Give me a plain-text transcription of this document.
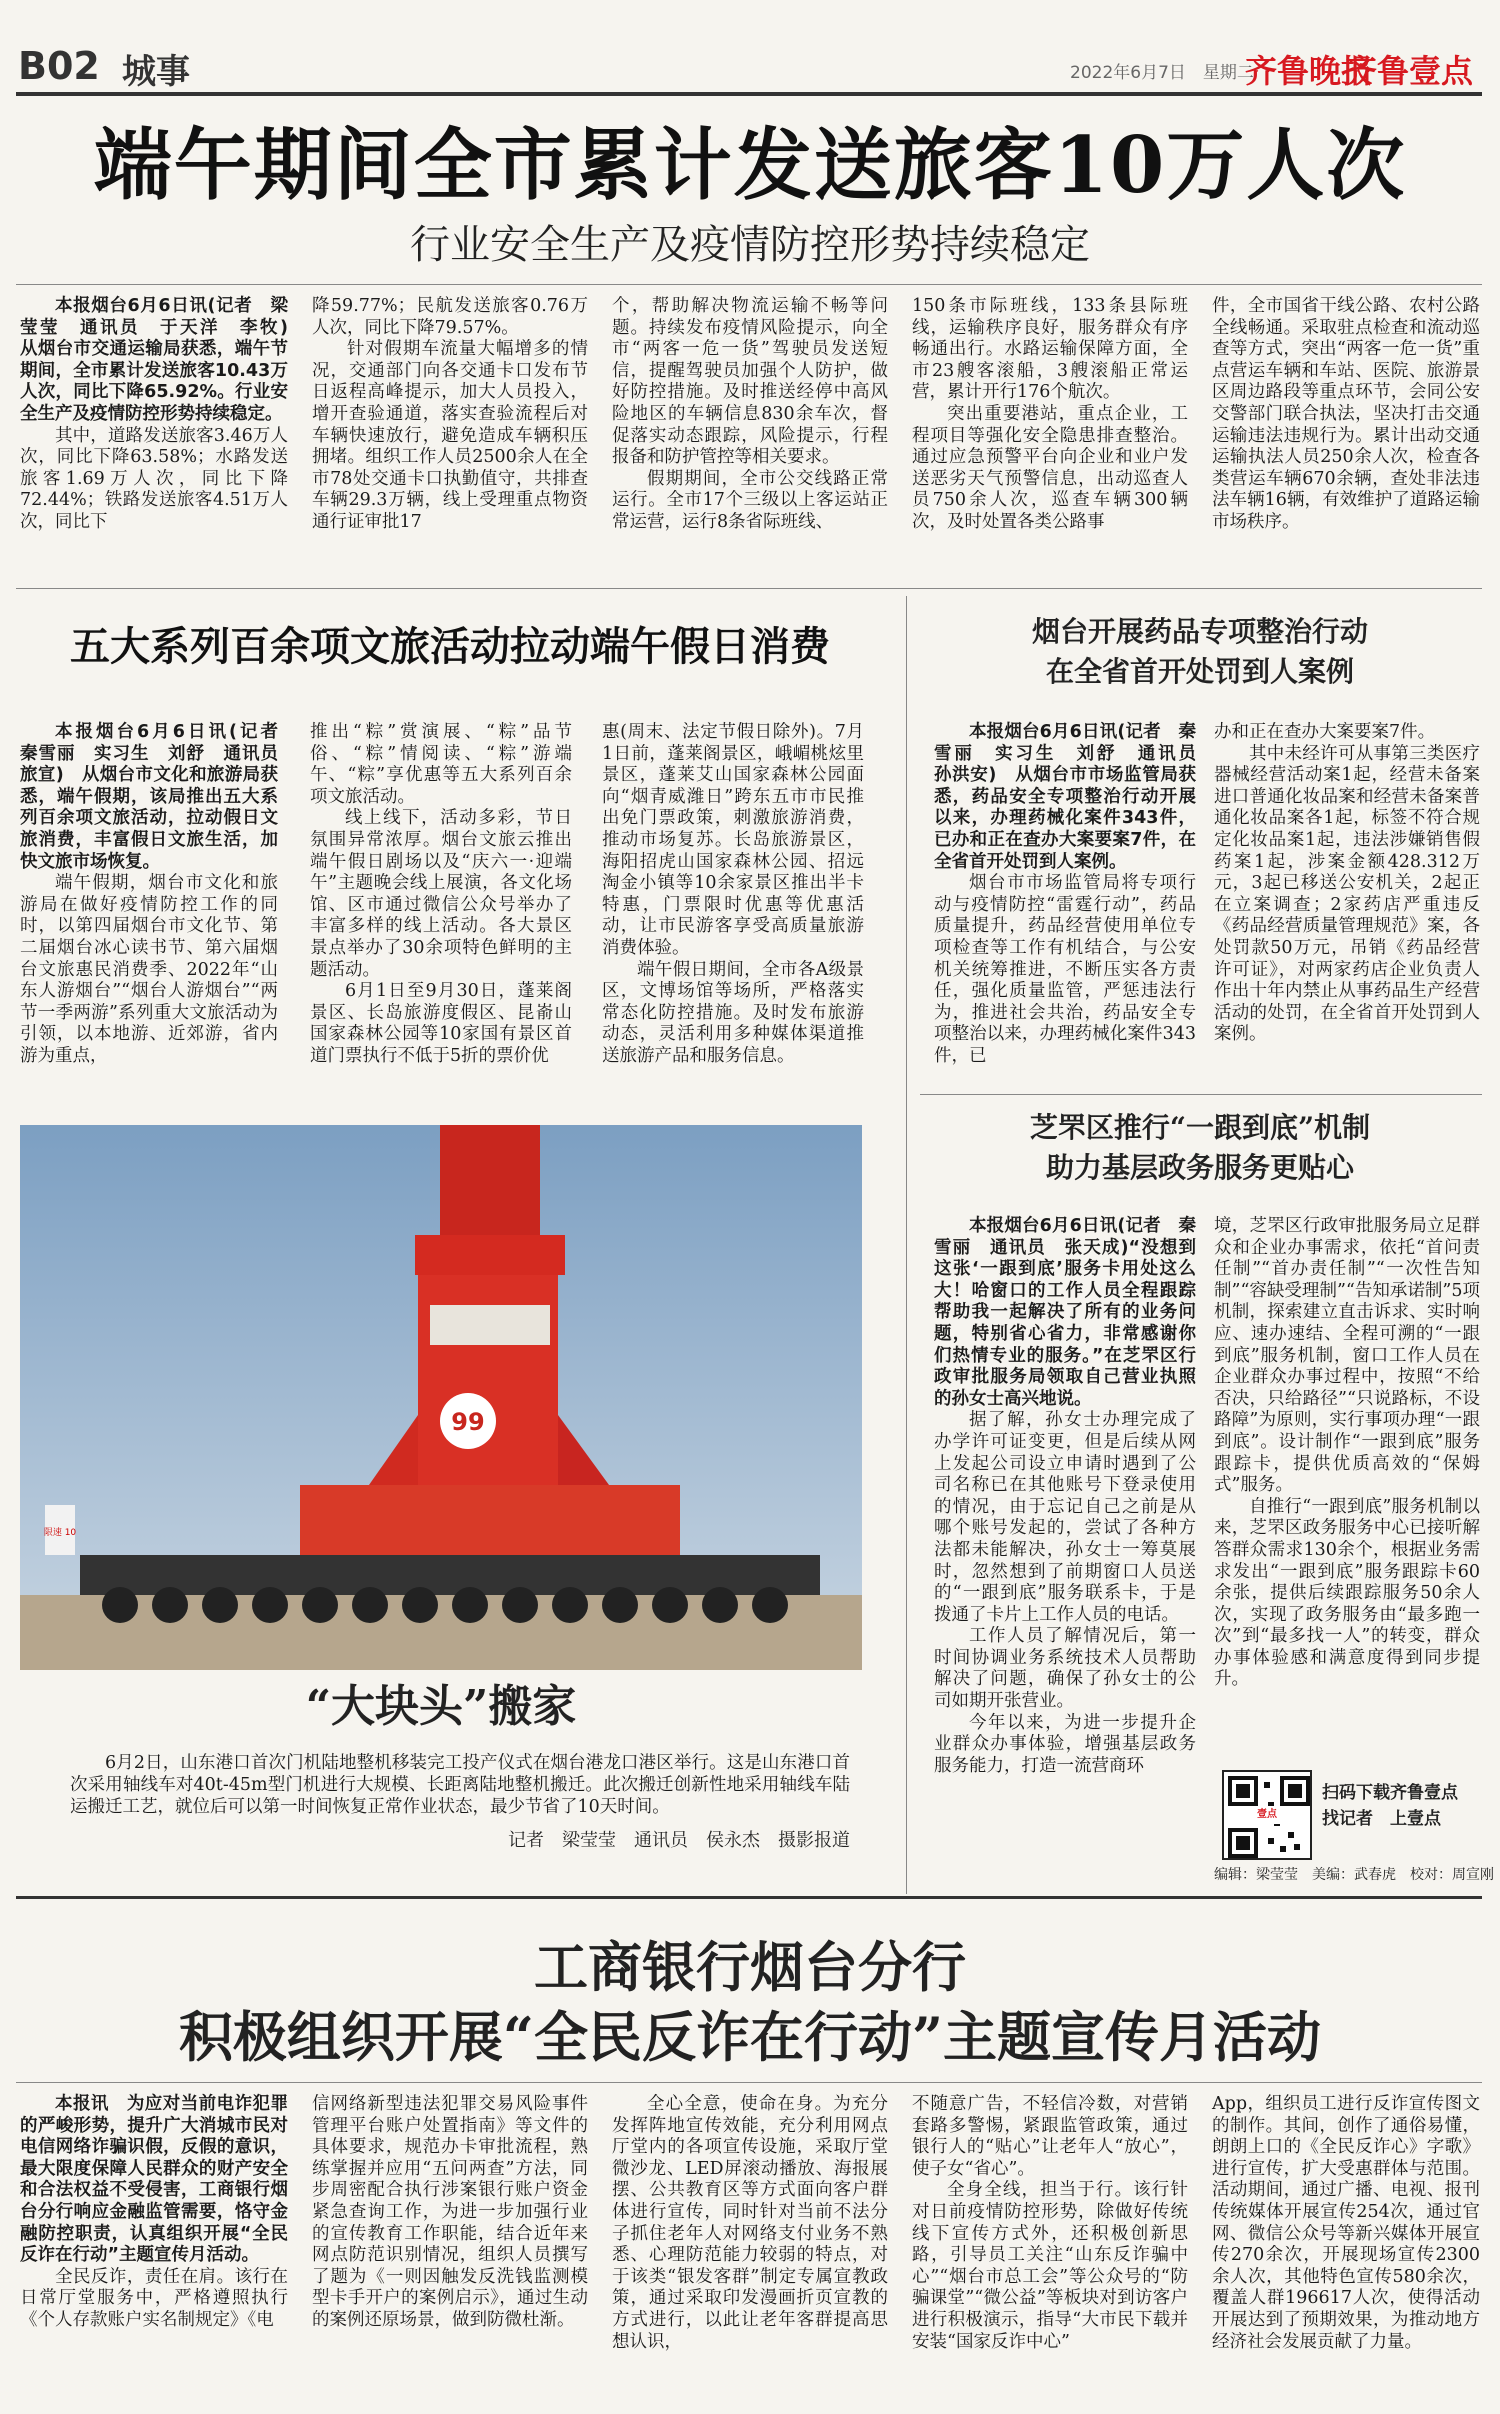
B02 城事	2022年6月7日　星期二
齐鲁晚报
齐鲁壹点
端午期间全市累计发送旅客10万人次
行业安全生产及疫情防控形势持续稳定

本报烟台6月6日讯(记者　梁莹莹　通讯员　于天洋　李牧)　从烟台市交通运输局获悉，端午节期间，全市累计发送旅客10.43万人次，同比下降65.92%。行业安全生产及疫情防控形势持续稳定。

其中，道路发送旅客3.46万人次，同比下降63.58%；水路发送旅客1.69万人次，同比下降72.44%；铁路发送旅客4.51万人次，同比下

降59.77%；民航发送旅客0.76万人次，同比下降79.57%。

针对假期车流量大幅增多的情况，交通部门向各交通卡口发布节日返程高峰提示，加大人员投入，增开查验通道，落实查验流程后对车辆快速放行，避免造成车辆积压拥堵。组织工作人员2500余人在全市78处交通卡口执勤值守，共排查车辆29.3万辆，线上受理重点物资通行证审批17

个，帮助解决物流运输不畅等问题。持续发布疫情风险提示，向全市“两客一危一货”驾驶员发送短信，提醒驾驶员加强个人防护，做好防控措施。及时推送经停中高风险地区的车辆信息830余车次，督促落实动态跟踪，风险提示，行程报备和防护管控等相关要求。

假期期间，全市公交线路正常运行。全市17个三级以上客运站正常运营，运行8条省际班线、

150条市际班线，133条县际班线，运输秩序良好，服务群众有序畅通出行。水路运输保障方面，全市23艘客滚船，3艘滚船正常运营，累计开行176个航次。

突出重要港站，重点企业，工程项目等强化安全隐患排查整治。通过应急预警平台向企业和业户发送恶劣天气预警信息，出动巡查人员750余人次，巡查车辆300辆次，及时处置各类公路事

件，全市国省干线公路、农村公路全线畅通。采取驻点检查和流动巡查等方式，突出“两客一危一货”重点营运车辆和车站、医院、旅游景区周边路段等重点环节，会同公安交警部门联合执法，坚决打击交通运输违法违规行为。累计出动交通运输执法人员250余人次，检查各类营运车辆670余辆，查处非法违法车辆16辆，有效维护了道路运输市场秩序。

五大系列百余项文旅活动拉动端午假日消费

本报烟台6月6日讯(记者　秦雪丽　实习生　刘舒　通讯员　旅宣)　从烟台市文化和旅游局获悉，端午假期，该局推出五大系列百余项文旅活动，拉动假日文旅消费，丰富假日文旅生活，加快文旅市场恢复。

端午假期，烟台市文化和旅游局在做好疫情防控工作的同时，以第四届烟台市文化节、第二届烟台冰心读书节、第六届烟台文旅惠民消费季、2022年“山东人游烟台”“烟台人游烟台”“两节一季两游”系列重大文旅活动为引领，以本地游、近郊游，省内游为重点，

推出“粽”赏演展、“粽”品节俗、“粽”情阅读、“粽”游端午、“粽”享优惠等五大系列百余项文旅活动。

线上线下，活动多彩，节日氛围异常浓厚。烟台文旅云推出端午假日剧场以及“庆六一·迎端午”主题晚会线上展演，各文化场馆、区市通过微信公众号举办了丰富多样的线上活动。各大景区景点举办了30余项特色鲜明的主题活动。

6月1日至9月30日，蓬莱阁景区、长岛旅游度假区、昆嵛山国家森林公园等10家国有景区首道门票执行不低于5折的票价优

惠(周末、法定节假日除外)。7月1日前，蓬莱阁景区，峨嵋桃炫里景区，蓬莱艾山国家森林公园面向“烟青威潍日”跨东五市市民推出免门票政策，刺激旅游消费，推动市场复苏。长岛旅游景区，海阳招虎山国家森林公园、招远淘金小镇等10余家景区推出半卡特惠，门票限时优惠等优惠活动，让市民游客享受高质量旅游消费体验。

端午假日期间，全市各A级景区，文博场馆等场所，严格落实常态化防控措施。及时发布旅游动态，灵活利用多种媒体渠道推送旅游产品和服务信息。

烟台开展药品专项整治行动
在全省首开处罚到人案例

本报烟台6月6日讯(记者　秦雪丽　实习生　刘舒　通讯员　孙洪安)　从烟台市市场监管局获悉，药品安全专项整治行动开展以来，办理药械化案件343件，已办和正在查办大案要案7件，在全省首开处罚到人案例。

烟台市市场监管局将专项行动与疫情防控“雷霆行动”，药品质量提升，药品经营使用单位专项检查等工作有机结合，与公安机关统筹推进，不断压实各方责任，强化质量监管，严惩违法行为，推进社会共治，药品安全专项整治以来，办理药械化案件343件，已

办和正在查办大案要案7件。

其中未经许可从事第三类医疗器械经营活动案1起，经营未备案进口普通化妆品案和经营未备案普通化妆品案各1起，标签不符合规定化妆品案1起，违法涉嫌销售假药案1起，涉案金额428.312万元，3起已移送公安机关，2起正在立案调查；2家药店严重违反《药品经营质量管理规范》案，各处罚款50万元，吊销《药品经营许可证》，对两家药店企业负责人作出十年内禁止从事药品生产经营活动的处罚，在全省首开处罚到人案例。

99
限速 10
“大块头”搬家

6月2日，山东港口首次门机陆地整机移装完工投产仪式在烟台港龙口港区举行。这是山东港口首次采用轴线车对40t-45m型门机进行大规模、长距离陆地整机搬迁。此次搬迁创新性地采用轴线车陆运搬迁工艺，就位后可以第一时间恢复正常作业状态，最少节省了10天时间。

记者　梁莹莹　通讯员　侯永杰　摄影报道
芝罘区推行“一跟到底”机制
助力基层政务服务更贴心

本报烟台6月6日讯(记者　秦雪丽　通讯员　张天成)“没想到这张‘一跟到底’服务卡用处这么大！哈窗口的工作人员全程跟踪帮助我一起解决了所有的业务问题，特别省心省力，非常感谢你们热情专业的服务。”在芝罘区行政审批服务局领取自己营业执照的孙女士高兴地说。

据了解，孙女士办理完成了办学许可证变更，但是后续从网上发起公司设立申请时遇到了公司名称已在其他账号下登录使用的情况，由于忘记自己之前是从哪个账号发起的，尝试了各种方法都未能解决，孙女士一筹莫展时，忽然想到了前期窗口人员送的“一跟到底”服务联系卡，于是拨通了卡片上工作人员的电话。

工作人员了解情况后，第一时间协调业务系统技术人员帮助解决了问题，确保了孙女士的公司如期开张营业。

今年以来，为进一步提升企业群众办事体验，增强基层政务服务能力，打造一流营商环

境，芝罘区行政审批服务局立足群众和企业办事需求，依托“首问责任制”“首办责任制”“一次性告知制”“容缺受理制”“告知承诺制”5项机制，探索建立直击诉求、实时响应、速办速结、全程可溯的“一跟到底”服务机制，窗口工作人员在企业群众办事过程中，按照“不给否决，只给路径”“只说路标，不设路障”为原则，实行事项办理“一跟到底”。设计制作“一跟到底”服务跟踪卡，提供优质高效的“保姆式”服务。

自推行“一跟到底”服务机制以来，芝罘区政务服务中心已接听解答群众需求130余个，根据业务需求发出“一跟到底”服务跟踪卡60余张，提供后续跟踪服务50余人次，实现了政务服务由“最多跑一次”到“最多找一人”的转变，群众办事体验感和满意度得到同步提升。

壹点
扫码下载齐鲁壹点
找记者　上壹点
编辑：梁莹莹　美编：武春虎　校对：周宣刚
工商银行烟台分行
积极组织开展“全民反诈在行动”主题宣传月活动

本报讯　为应对当前电诈犯罪的严峻形势，提升广大消城市民对电信网络诈骗识假，反假的意识，最大限度保障人民群众的财产安全和合法权益不受侵害，工商银行烟台分行响应金融监管需要，恪守金融防控职责，认真组织开展“全民反诈在行动”主题宣传月活动。

全民反诈，责任在肩。该行在日常厅堂服务中，严格遵照执行《个人存款账户实名制规定》《电

信网络新型违法犯罪交易风险事件管理平台账户处置指南》等文件的具体要求，规范办卡审批流程，熟练掌握并应用“五问两查”方法，同步周密配合执行涉案银行账户资金紧急查询工作，为进一步加强行业的宣传教育工作职能，结合近年来网点防范识别情况，组织人员撰写了题为《一则因触发反洗钱监测模型卡手开户的案例启示》，通过生动的案例还原场景，做到防微杜渐。

全心全意，使命在身。为充分发挥阵地宣传效能，充分利用网点厅堂内的各项宣传设施，采取厅堂微沙龙、LED屏滚动播放、海报展摆、公共教育区等方式面向客户群体进行宣传，同时针对当前不法分子抓住老年人对网络支付业务不熟悉、心理防范能力较弱的特点，对于该类“银发客群”制定专属宣教政策，通过采取印发漫画折页宣教的方式进行，以此让老年客群提高思想认识，

不随意广告，不轻信冷数，对营销套路多警惕，紧跟监管政策，通过银行人的“贴心”让老年人“放心”，使子女“省心”。

全身全线，担当于行。该行针对日前疫情防控形势，除做好传统线下宣传方式外，还积极创新思路，引导员工关注“山东反诈骗中心”“烟台市总工会”等公众号的“防骗课堂”“微公益”等板块对到访客户进行积极演示，指导“大市民下载并安装“国家反诈中心”

App，组织员工进行反诈宣传图文的制作。其间，创作了通俗易懂，朗朗上口的《全民反诈心》字歌》进行宣传，扩大受惠群体与范围。活动期间，通过广播、电视、报刊传统媒体开展宣传254次，通过官网、微信公众号等新兴媒体开展宣传270余次，开展现场宣传2300余人次，其他特色宣传580余次，覆盖人群196617人次，使得活动开展达到了预期效果，为推动地方经济社会发展贡献了力量。
